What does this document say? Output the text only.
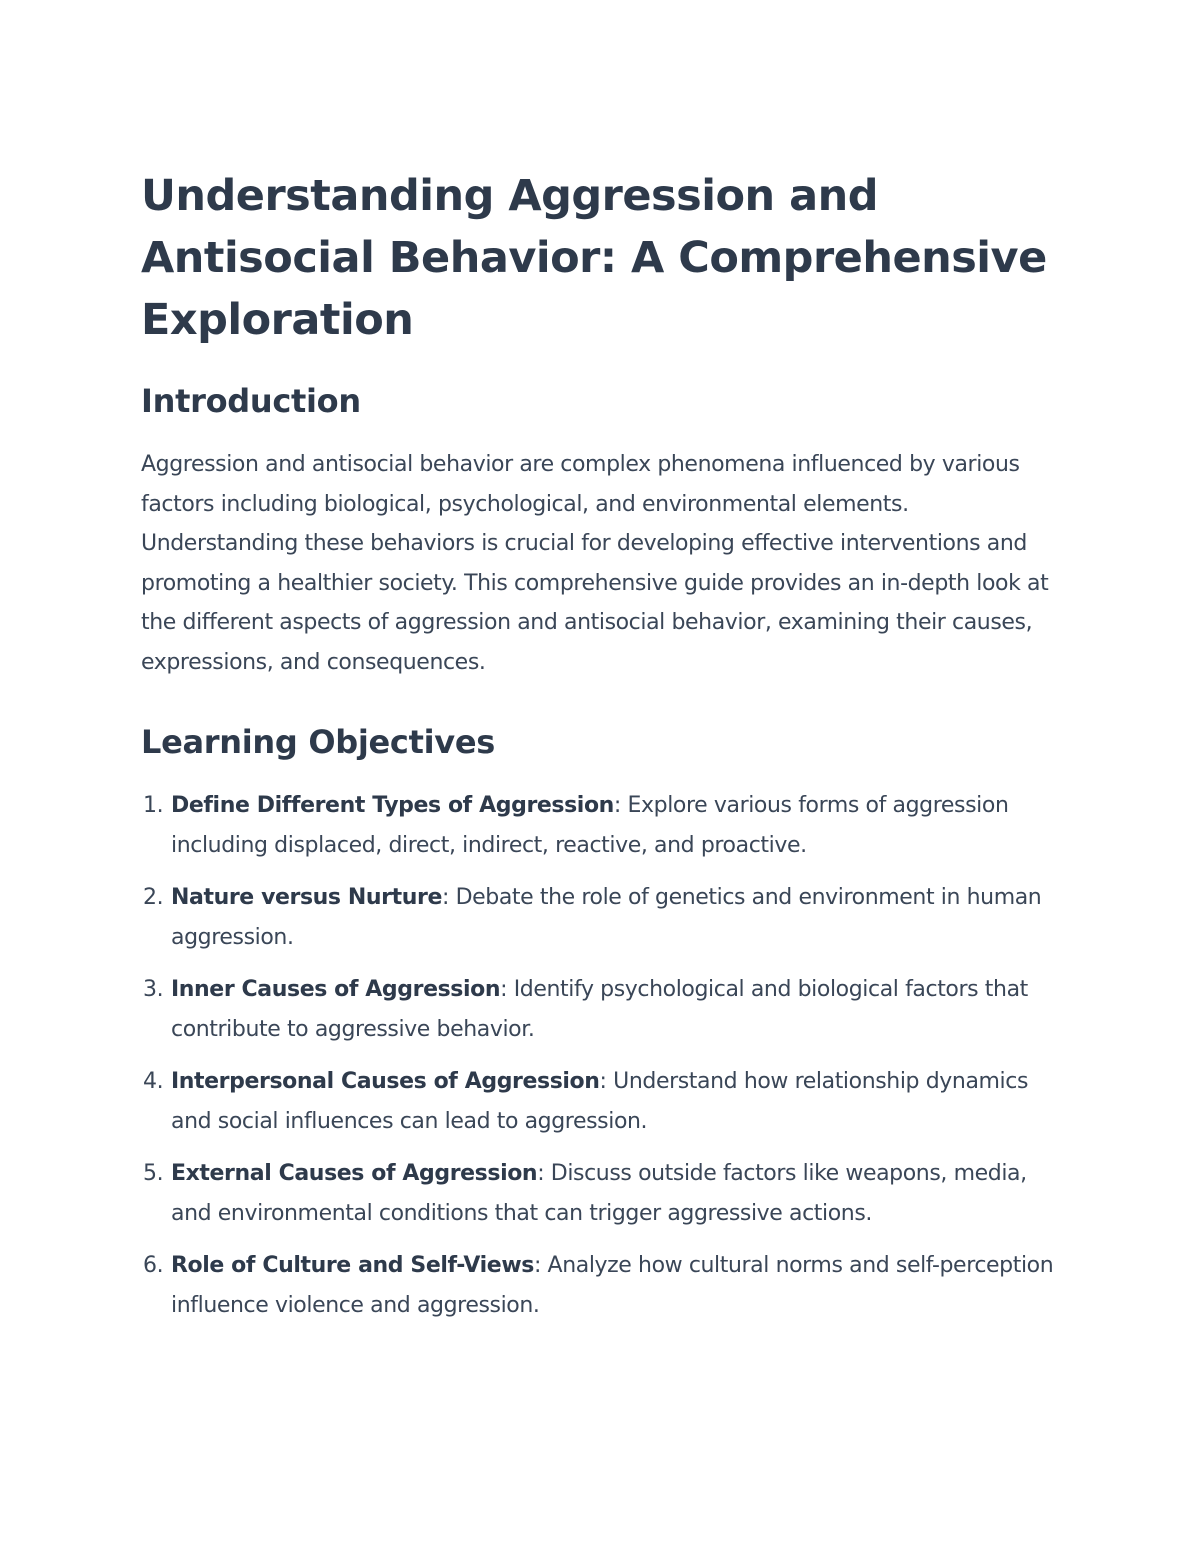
Understanding Aggression and Antisocial Behavior: A Comprehensive Exploration
Introduction

Aggression and antisocial behavior are complex phenomena influenced by various factors including biological, psychological, and environmental elements. Understanding these behaviors is crucial for developing effective interventions and promoting a healthier society. This comprehensive guide provides an in-depth look at the different aspects of aggression and antisocial behavior, examining their causes, expressions, and consequences.

Learning Objectives
1. Define Different Types of Aggression: Explore various forms of aggression including displaced, direct, indirect, reactive, and proactive.
2. Nature versus Nurture: Debate the role of genetics and environment in human aggression.
3. Inner Causes of Aggression: Identify psychological and biological factors that contribute to aggressive behavior.
4. Interpersonal Causes of Aggression: Understand how relationship dynamics and social influences can lead to aggression.
5. External Causes of Aggression: Discuss outside factors like weapons, media, and environmental conditions that can trigger aggressive actions.
6. Role of Culture and Self-Views: Analyze how cultural norms and self-perception influence violence and aggression.
